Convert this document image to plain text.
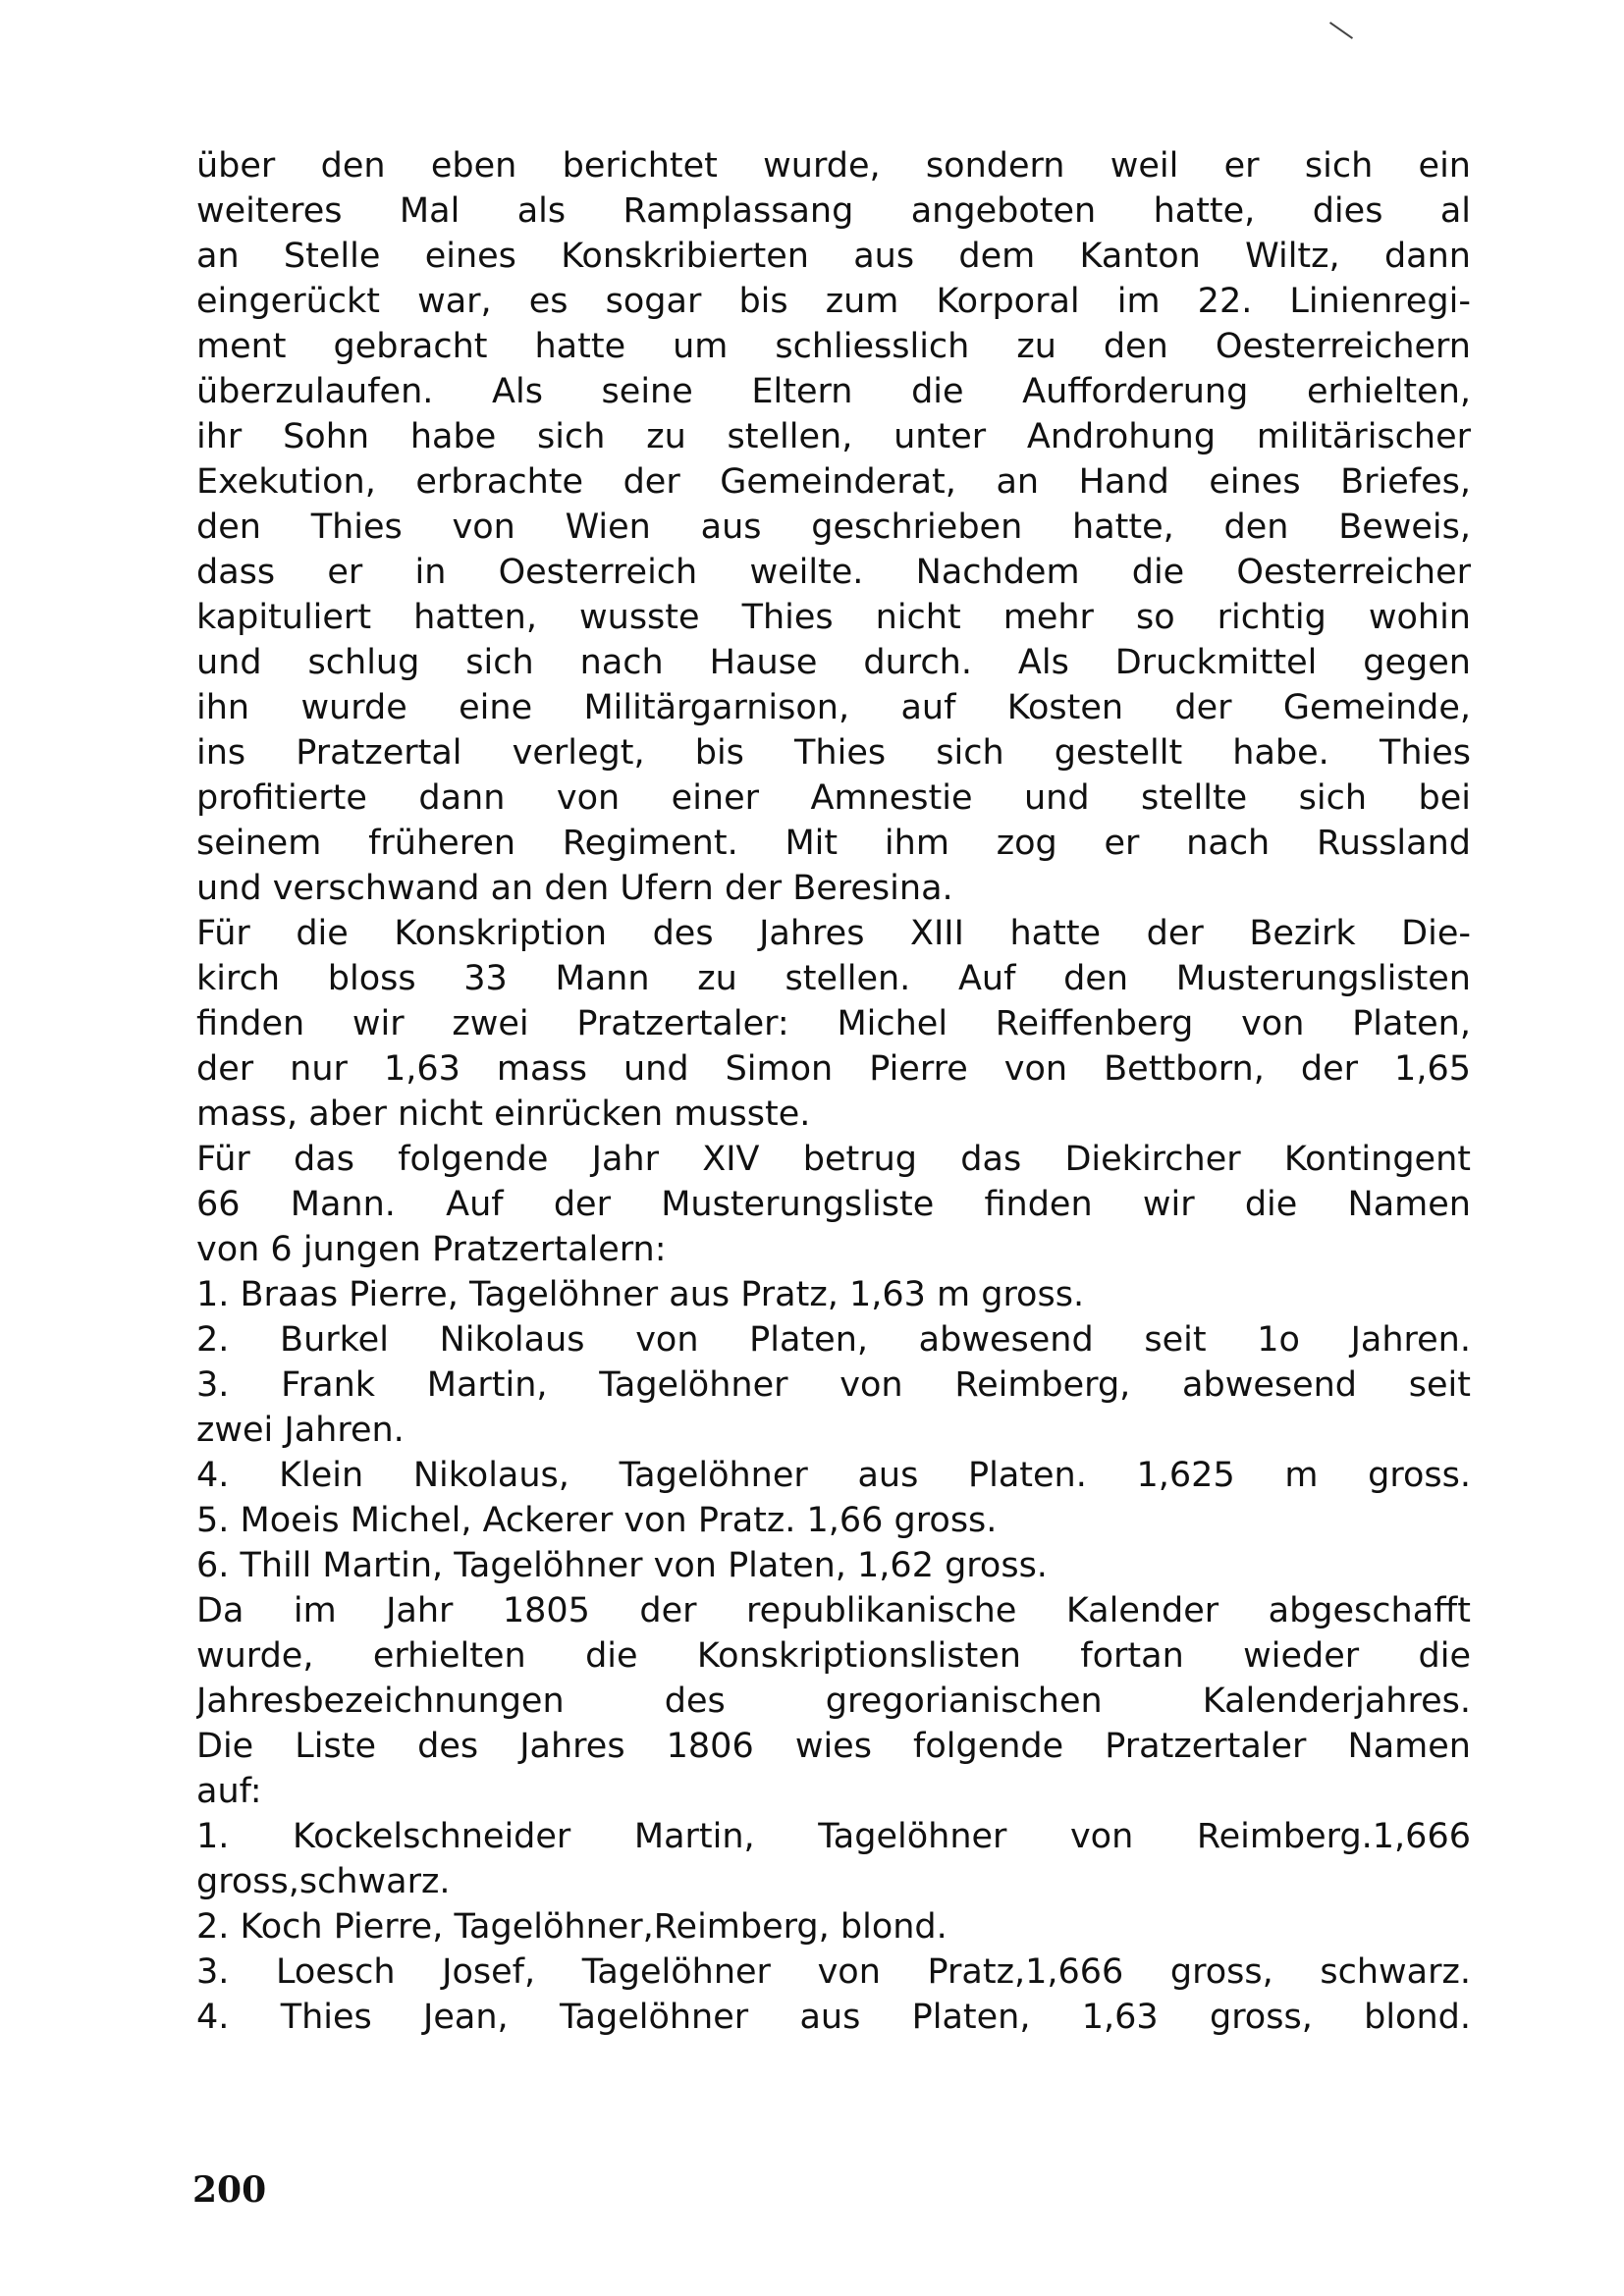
über den eben berichtet wurde, sondern weil er sich ein
weiteres Mal als Ramplassang angeboten hatte, dies al
an Stelle eines Konskribierten aus dem Kanton Wiltz, dann
eingerückt war, es sogar bis zum Korporal im 22. Linienregi-
ment gebracht hatte um schliesslich zu den Oesterreichern
überzulaufen. Als seine Eltern die Aufforderung erhielten,
ihr Sohn habe sich zu stellen, unter Androhung militärischer
Exekution, erbrachte der Gemeinderat, an Hand eines Briefes,
den Thies von Wien aus geschrieben hatte, den Beweis,
dass er in Oesterreich weilte. Nachdem die Oesterreicher
kapituliert hatten, wusste Thies nicht mehr so richtig wohin
und schlug sich nach Hause durch. Als Druckmittel gegen
ihn wurde eine Militärgarnison, auf Kosten der Gemeinde,
ins Pratzertal verlegt, bis Thies sich gestellt habe. Thies
profitierte dann von einer Amnestie und stellte sich bei
seinem früheren Regiment. Mit ihm zog er nach Russland
und verschwand an den Ufern der Beresina.
Für die Konskription des Jahres XIII hatte der Bezirk Die-
kirch bloss 33 Mann zu stellen. Auf den Musterungslisten
finden wir zwei Pratzertaler: Michel Reiffenberg von Platen,
der nur 1,63 mass und Simon Pierre von Bettborn, der 1,65
mass, aber nicht einrücken musste.
Für das folgende Jahr XIV betrug das Diekircher Kontingent
66 Mann. Auf der Musterungsliste finden wir die Namen
von 6 jungen Pratzertalern:
1. Braas Pierre, Tagelöhner aus Pratz, 1,63 m gross.
2. Burkel Nikolaus von Platen, abwesend seit 1o Jahren.
3. Frank Martin, Tagelöhner von Reimberg, abwesend seit
zwei Jahren.
4. Klein Nikolaus, Tagelöhner aus Platen. 1,625 m gross.
5. Moeis Michel, Ackerer von Pratz. 1,66 gross.
6. Thill Martin, Tagelöhner von Platen, 1,62 gross.
Da im Jahr 1805 der republikanische Kalender abgeschafft
wurde, erhielten die Konskriptionslisten fortan wieder die
Jahresbezeichnungen des gregorianischen Kalenderjahres.
Die Liste des Jahres 1806 wies folgende Pratzertaler Namen
auf:
1. Kockelschneider Martin, Tagelöhner von Reimberg.1,666
gross,schwarz.
2. Koch Pierre, Tagelöhner,Reimberg, blond.
3. Loesch Josef, Tagelöhner von Pratz,1,666 gross, schwarz.
4. Thies Jean, Tagelöhner aus Platen, 1,63 gross, blond.
200
